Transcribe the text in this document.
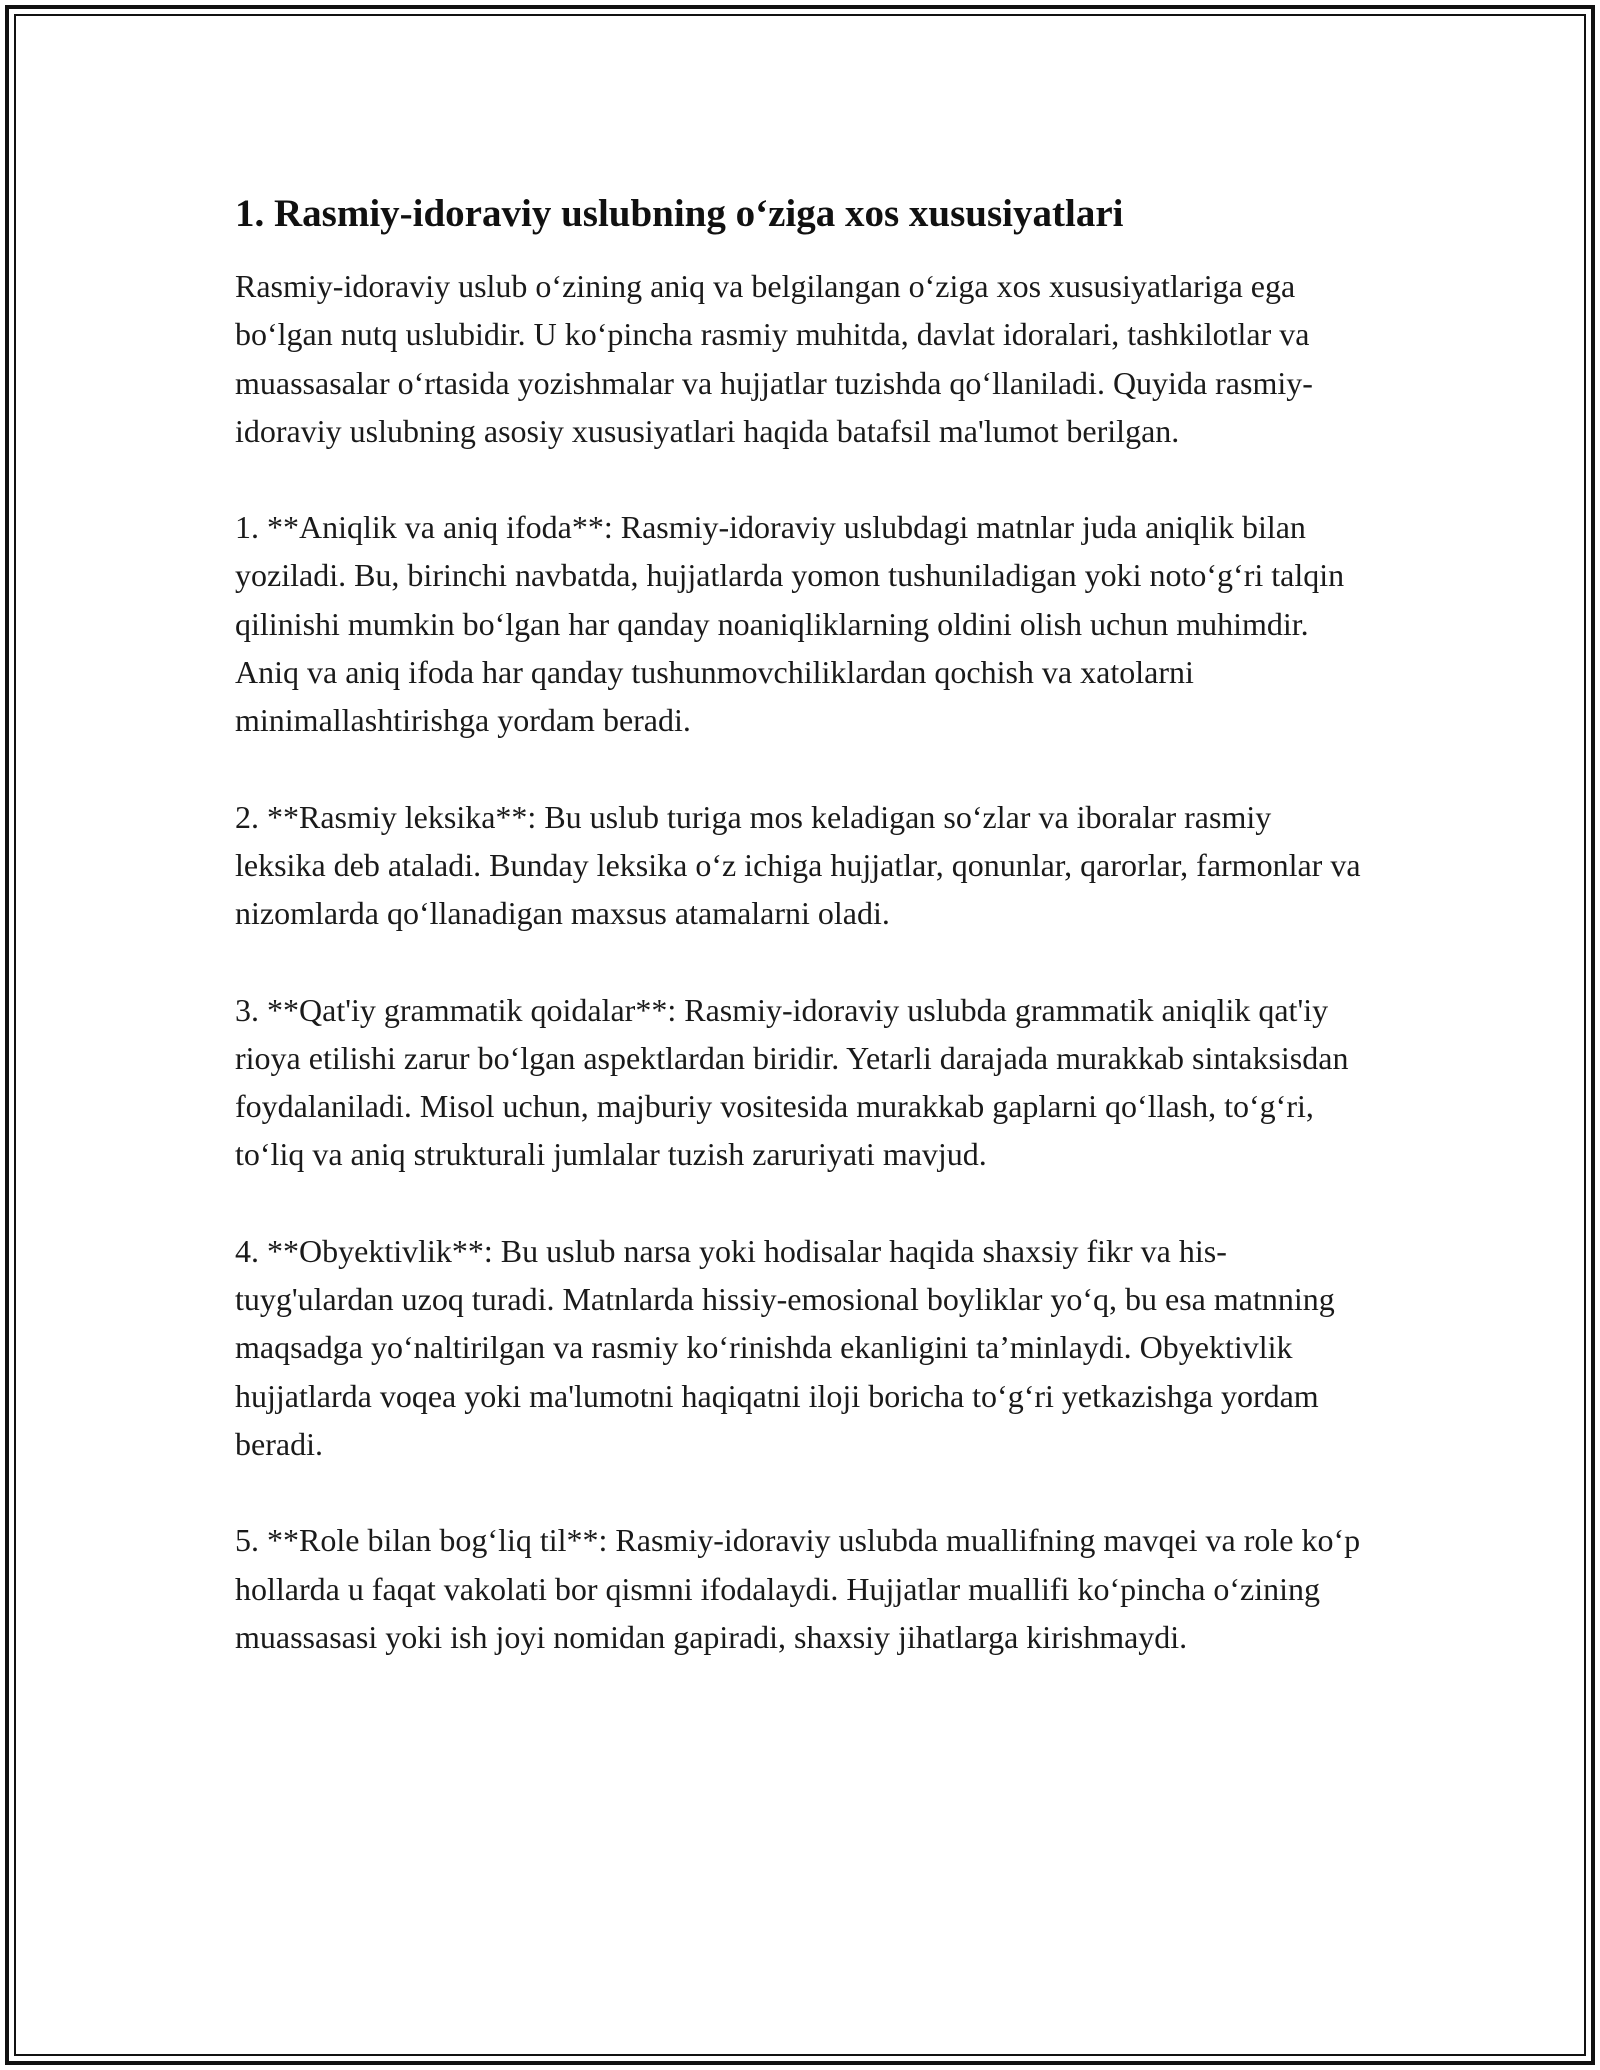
1. Rasmiy-idoraviy uslubning o‘ziga xos xususiyatlari

Rasmiy-idoraviy uslub o‘zining aniq va belgilangan o‘ziga xos xususiyatlariga ega bo‘lgan nutq uslubidir. U ko‘pincha rasmiy muhitda, davlat idoralari, tashkilotlar va muassasalar o‘rtasida yozishmalar va hujjatlar tuzishda qo‘llaniladi. Quyida rasmiy-idoraviy uslubning asosiy xususiyatlari haqida batafsil ma'lumot berilgan.

1. **Aniqlik va aniq ifoda**: Rasmiy-idoraviy uslubdagi matnlar juda aniqlik bilan yoziladi. Bu, birinchi navbatda, hujjatlarda yomon tushuniladigan yoki noto‘g‘ri talqin qilinishi mumkin bo‘lgan har qanday noaniqliklarning oldini olish uchun muhimdir. Aniq va aniq ifoda har qanday tushunmovchiliklardan qochish va xatolarni minimallashtirishga yordam beradi.

2. **Rasmiy leksika**: Bu uslub turiga mos keladigan so‘zlar va iboralar rasmiy leksika deb ataladi. Bunday leksika o‘z ichiga hujjatlar, qonunlar, qarorlar, farmonlar va nizomlarda qo‘llanadigan maxsus atamalarni oladi.

3. **Qat'iy grammatik qoidalar**: Rasmiy-idoraviy uslubda grammatik aniqlik qat'iy rioya etilishi zarur bo‘lgan aspektlardan biridir. Yetarli darajada murakkab sintaksisdan foydalaniladi. Misol uchun, majburiy vositesida murakkab gaplarni qo‘llash, to‘g‘ri, to‘liq va aniq strukturali jumlalar tuzish zaruriyati mavjud.

4. **Obyektivlik**: Bu uslub narsa yoki hodisalar haqida shaxsiy fikr va his-tuyg'ulardan uzoq turadi. Matnlarda hissiy-emosional boyliklar yo‘q, bu esa matnning maqsadga yo‘naltirilgan va rasmiy ko‘rinishda ekanligini ta’minlaydi. Obyektivlik hujjatlarda voqea yoki ma'lumotni haqiqatni iloji boricha to‘g‘ri yetkazishga yordam beradi.

5. **Role bilan bog‘liq til**: Rasmiy-idoraviy uslubda muallifning mavqei va role ko‘p hollarda u faqat vakolati bor qismni ifodalaydi. Hujjatlar muallifi ko‘pincha o‘zining muassasasi yoki ish joyi nomidan gapiradi, shaxsiy jihatlarga kirishmaydi.
